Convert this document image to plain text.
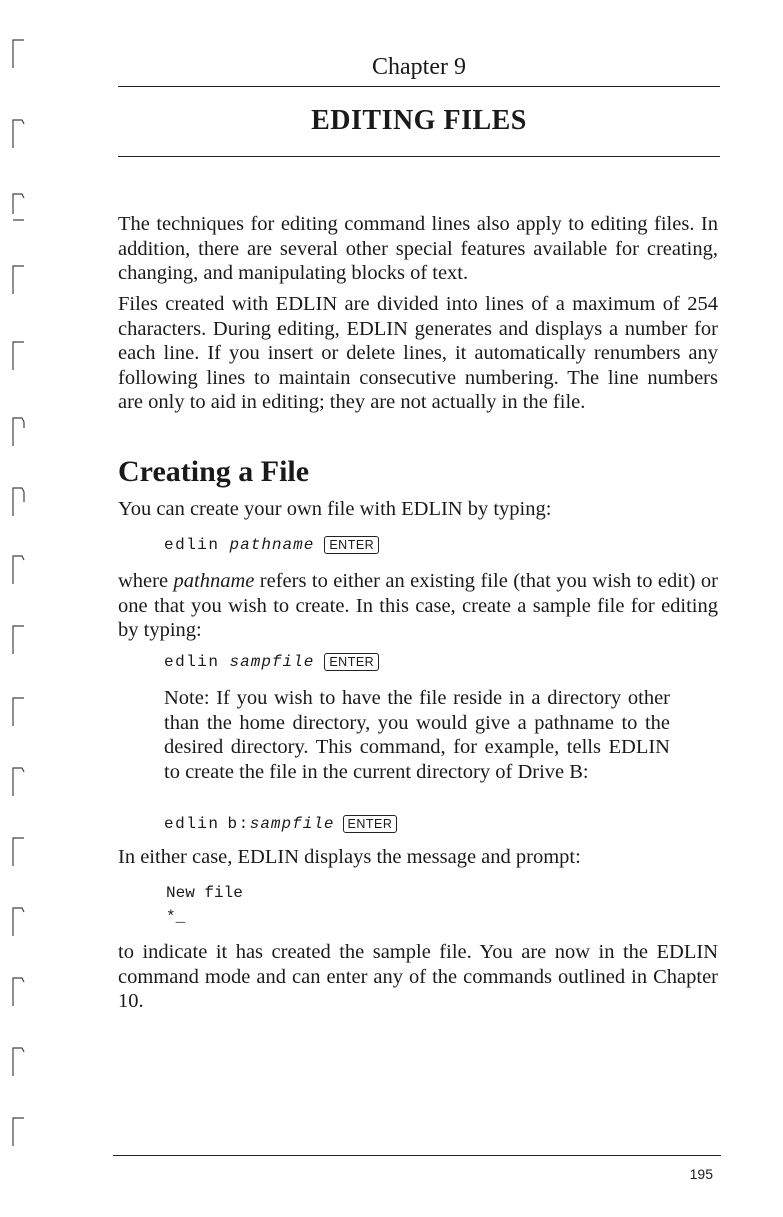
Chapter 9
EDITING FILES

The techniques for editing command lines also apply to editing files. In addition, there are several other special features available for creating, changing, and manipulating blocks of text.

Files created with EDLIN are divided into lines of a maximum of 254 characters. During editing, EDLIN generates and displays a number for each line. If you insert or delete lines, it automatically renumbers any following lines to maintain consecutive numbering. The line numbers are only to aid in editing; they are not actually in the file.

Creating a File

You can create your own file with EDLIN by typing:

edlin pathname	ENTER

where pathname refers to either an existing file (that you wish to edit) or one that you wish to create. In this case, create a sample file for editing by typing:

edlin sampfile	ENTER

Note: If you wish to have the file reside in a directory other than the home directory, you would give a pathname to the desired directory. This command, for example, tells EDLIN to create the file in the current directory of Drive B:

edlin b: sampfile	ENTER

In either case, EDLIN displays the message and prompt:

New file
*_

to indicate it has created the sample file. You are now in the EDLIN command mode and can enter any of the commands outlined in Chapter 10.

195
